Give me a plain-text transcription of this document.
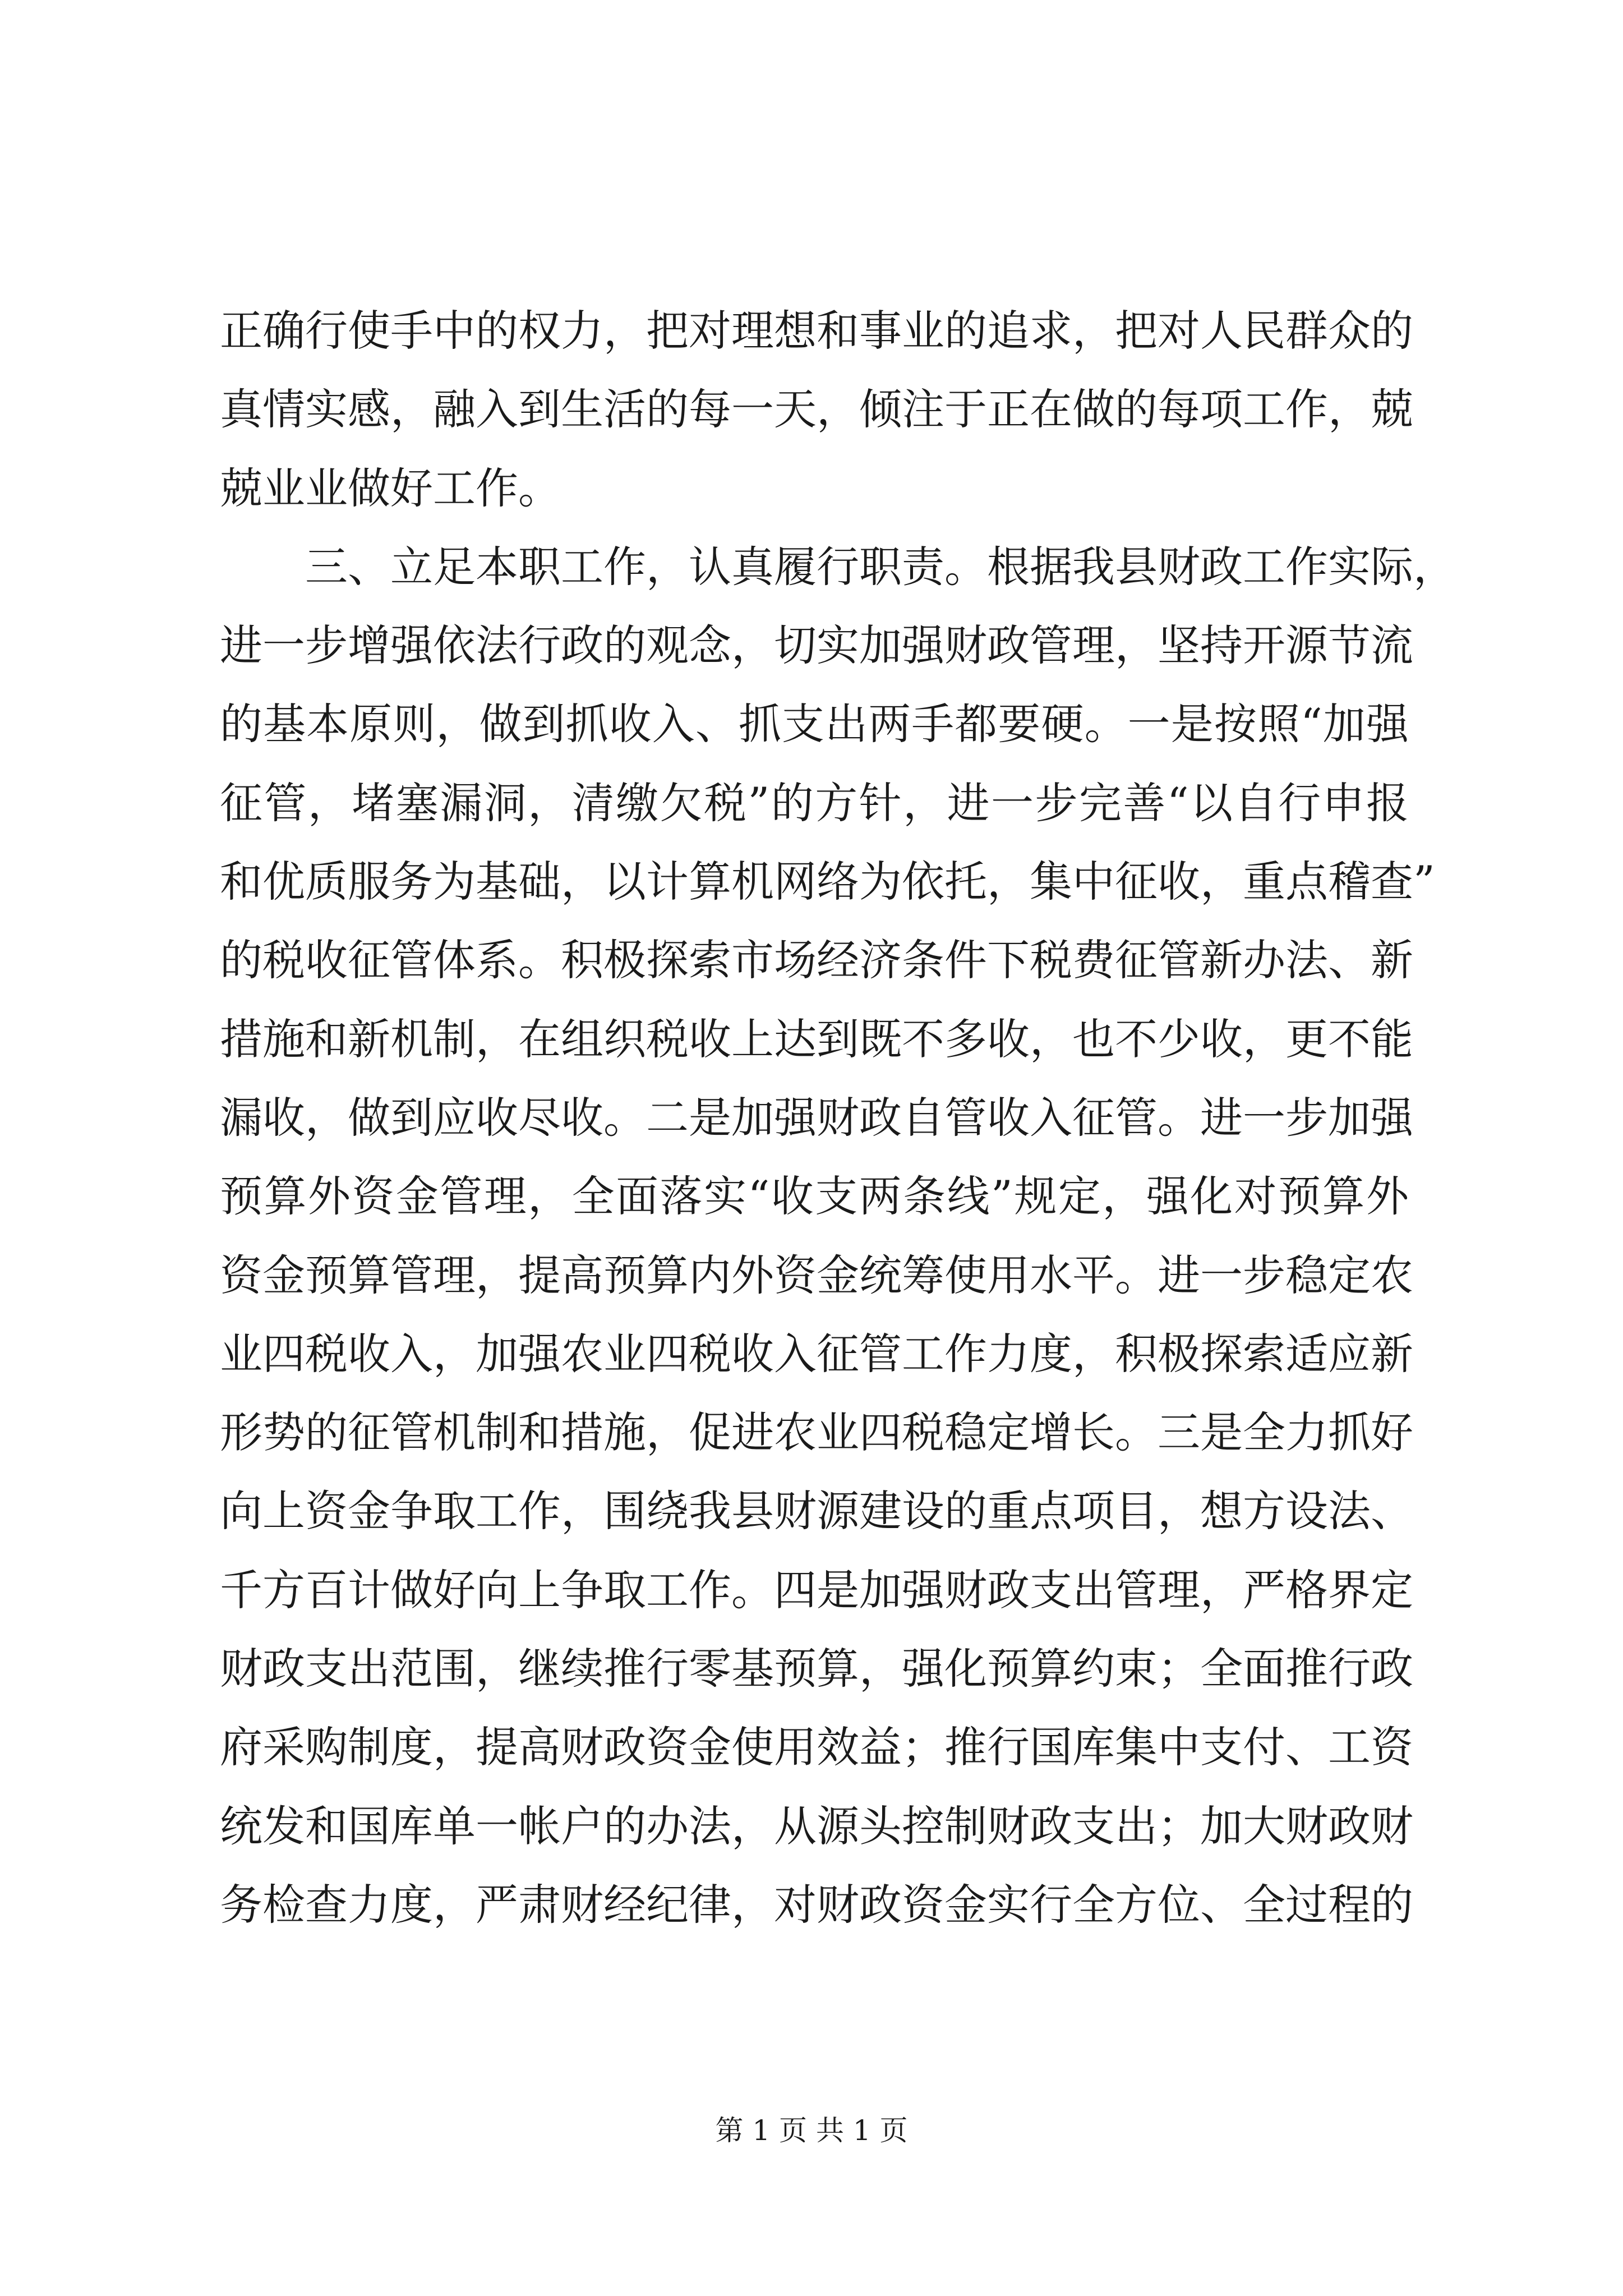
正确行使手中的权力，把对理想和事业的追求，把对人民群众的
真情实感，融入到生活的每一天，倾注于正在做的每项工作，兢
兢业业做好工作。
三、立足本职工作，认真履行职责。根据我县财政工作实际，
进一步增强依法行政的观念，切实加强财政管理，坚持开源节流
的基本原则，做到抓收入、抓支出两手都要硬。一是按照“加强
征管，堵塞漏洞，清缴欠税”的方针，进一步完善“以自行申报
和优质服务为基础，以计算机网络为依托，集中征收，重点稽查”
的税收征管体系。积极探索市场经济条件下税费征管新办法、新
措施和新机制，在组织税收上达到既不多收，也不少收，更不能
漏收，做到应收尽收。二是加强财政自管收入征管。进一步加强
预算外资金管理，全面落实“收支两条线”规定，强化对预算外
资金预算管理，提高预算内外资金统筹使用水平。进一步稳定农
业四税收入，加强农业四税收入征管工作力度，积极探索适应新
形势的征管机制和措施，促进农业四税稳定增长。三是全力抓好
向上资金争取工作，围绕我县财源建设的重点项目，想方设法、
千方百计做好向上争取工作。四是加强财政支出管理，严格界定
财政支出范围，继续推行零基预算，强化预算约束；全面推行政
府采购制度，提高财政资金使用效益；推行国库集中支付、工资
统发和国库单一帐户的办法，从源头控制财政支出；加大财政财
务检查力度，严肃财经纪律，对财政资金实行全方位、全过程的
第 1 页 共 1 页
